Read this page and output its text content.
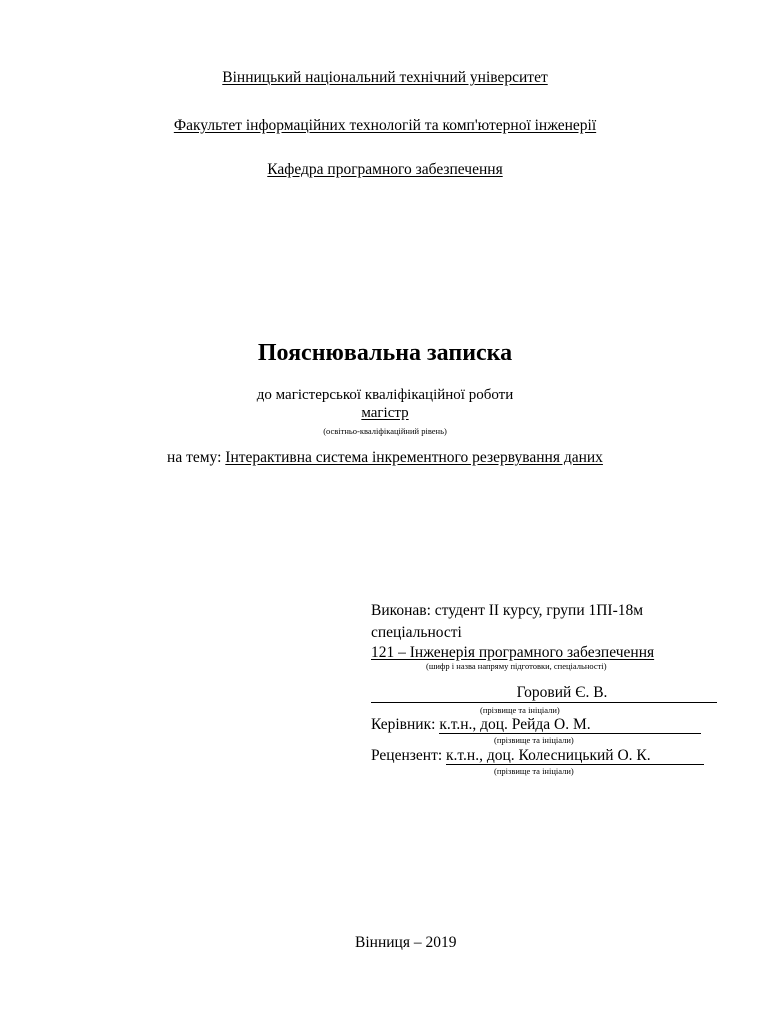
Вінницький національний технічний університет
Факультет інформаційних технологій та комп'ютерної інженерії
Кафедра програмного забезпечення
Пояснювальна записка
до магістерської кваліфікаційної роботи
магістр
(освітньо-кваліфікаційний рівень)
на тему: Інтерактивна система інкрементного резервування даних
Виконав: студент II курсу, групи 1ПІ-18м
спеціальності
121 – Інженерія програмного забезпечення
(шифр і назва напряму підготовки, спеціальності)
Горовий Є. В.
(прізвище та ініціали)
Керівник: к.т.н., доц. Рейда О. М.
(прізвище та ініціали)
Рецензент: к.т.н., доц. Колесницький О. К.
(прізвище та ініціали)
Вінниця – 2019
